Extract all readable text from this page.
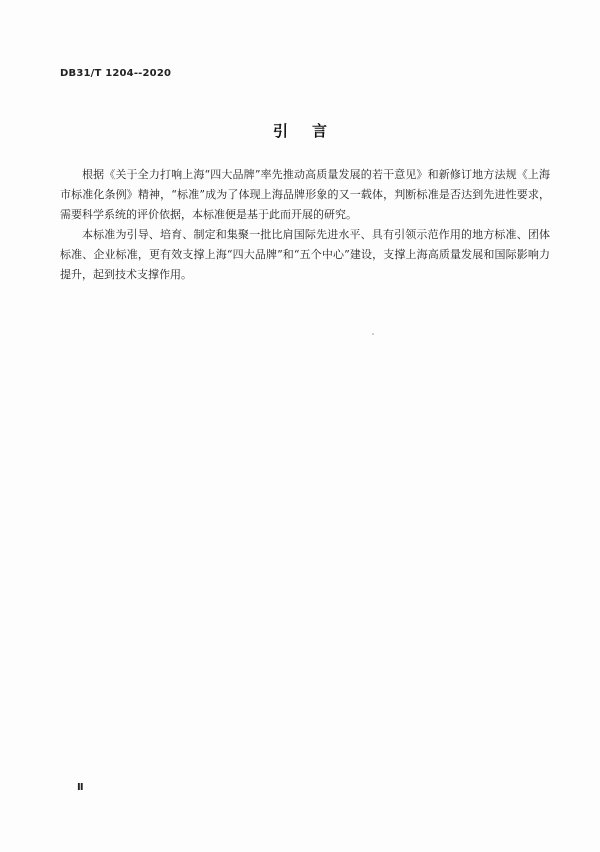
DB31/T 1204--2020
引言

根据《关于全力打响上海“四大品牌”率先推动高质量发展的若干意见》和新修订地方法规《上海市标准化条例》精神，“标准”成为了体现上海品牌形象的又一载体，判断标准是否达到先进性要求，需要科学系统的评价依据，本标准便是基于此而开展的研究。

本标准为引导、培育、制定和集聚一批比肩国际先进水平、具有引领示范作用的地方标准、团体标准、企业标准，更有效支撑上海“四大品牌”和“五个中心”建设，支撑上海高质量发展和国际影响力提升，起到技术支撑作用。

Ⅱ
